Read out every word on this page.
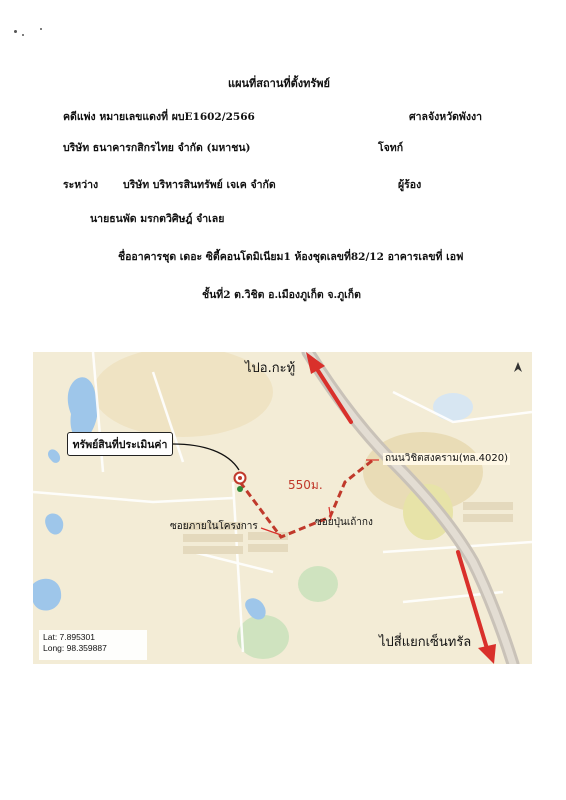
แผนที่สถานที่ตั้งทรัพย์
คดีแพ่ง หมายเลขแดงที่ ผบE1602/2566	ศาลจังหวัดพังงา
บริษัท ธนาคารกสิกรไทย จำกัด (มหาชน)	โจทก์
ระหว่าง บริษัท บริหารสินทรัพย์ เจเค จำกัด	ผู้ร้อง
นายธนพัด มรกตวิศิษฎ์ จำเลย
ชื่ออาคารชุด เดอะ ซิตี้คอนโดมิเนียม1 ห้องชุดเลขที่82/12 อาคารเลขที่ เอฟ
ชั้นที่2 ต.วิชิต อ.เมืองภูเก็ต จ.ภูเก็ต
ไปอ.กะทู้
ไปสี่แยกเซ็นทรัล
ทรัพย์สินที่ประเมินค่า
550ม.
ถนนวิชิตสงคราม(ทล.4020)
ซอยปุ่นเถ้ากง
ซอยภายในโครงการ
Lat: 7.895301
Long: 98.359887
